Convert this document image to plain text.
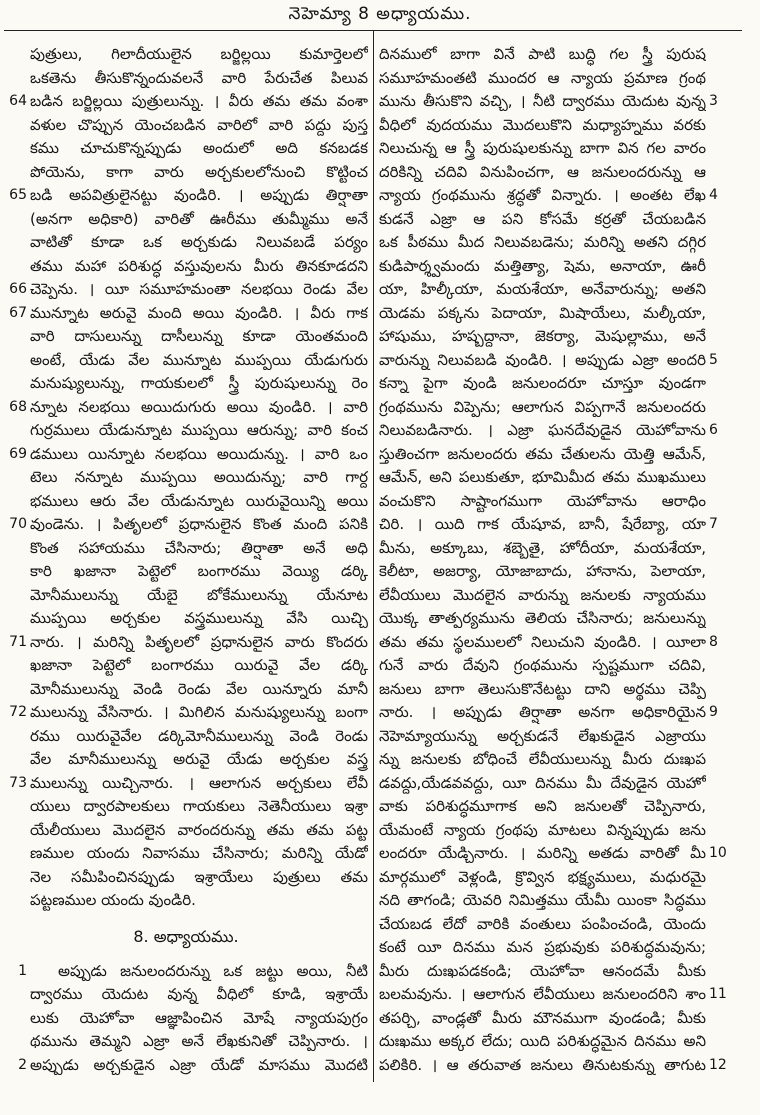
నెహెమ్యా 8 అధ్యాయము.
పుత్రులు, గిలాదీయులైన బర్జిల్లయి కుమార్తెలలో
ఒకతెను తీసుకొన్నందువలనే వారి పేరుచేత పిలువ
64 బడిన బర్జిల్లయి పుత్రులున్ను. । వీరు తమ తమ వంశా
వళుల చొప్పున యెంచబడిన వారిలో వారి పద్దు పుస్త
కము చూచుకొన్నప్పుడు అందులో అది కనబడక
పోయెను, కాగా వారు అర్చకులలోనుంచి కొట్టించ
65 బడి అపవిత్రులైనట్టు వుండిరి. । అప్పుడు తిర్షాతా
(అనగా అధికారి) వారితో ఊరీము తుమ్మీము అనే
వాటితో కూడా ఒక అర్చకుడు నిలువబడే పర్యం
తము మహా పరిశుద్ధ వస్తువులను మీరు తినకూడదని
66 చెప్పెను. । యీ సమూహమంతా నలభయి రెండు వేల
67 మున్నూట అరువై మంది అయి వుండిరి. । వీరు గాక
వారి దాసులున్ను దాసీలున్ను కూడా యెంతమంది
అంటే, యేడు వేల మున్నూట ముప్పయి యేడుగురు
మనుష్యులున్ను, గాయకులలో స్త్రీ పురుషులున్ను రెం
68 న్నూట నలభయి అయిదుగురు అయి వుండిరి. । వారి
గుర్రములు యేడున్నూట ముప్పయి ఆరున్ను; వారి కంచ
69 డములు యిన్నూట నలభయి అయిదున్ను. । వారి ఒం
టెలు నన్నూట ముప్పయి అయిదున్ను; వారి గార్ద
భములు ఆరు వేల యేడున్నూట యిరువైయిన్ని అయి
70 వుండెను. । పితృలలో ప్రధానులైన కొంత మంది పనికి
కొంత సహాయము చేసినారు; తిర్షాతా అనే అధి
కారి ఖజానా పెట్టెలో బంగారము వెయ్యి డర్కి
మోనీములున్ను యేబై బోకేములున్ను యేనూట
ముప్పయి అర్చకుల వస్త్రములున్ను వేసి యిచ్చి
71 నారు. । మరిన్ని పితృలలో ప్రధానులైన వారు కొందరు
ఖజానా పెట్టెలో బంగారము యిరువై వేల డర్కి
మోనీములున్ను వెండి రెండు వేల యిన్నూరు మానీ
72 ములున్ను వేసినారు. । మిగిలిన మనుష్యులున్ను బంగా
రము యిరువైవేల డర్కిమోనీములున్ను వెండి రెండు
వేల మానీములున్ను అరువై యేడు అర్చకుల వస్త్ర
73 ములున్ను యిచ్చినారు. । ఆలాగున అర్చకులు లేవీ
యులు ద్వారపాలకులు గాయకులు నెతెనీయులు ఇశ్రా
యేలీయులు మొదలైన వారందరున్ను తమ తమ పట్ట
ణముల యందు నివాసము చేసినారు; మరిన్ని యేడో
నెల సమీపించినప్పుడు ఇశ్రాయేలు పుత్రులు తమ
పట్టణముల యందు వుండిరి.
8. అధ్యాయము.
1	అప్పుడు జనులందరున్ను ఒక జట్టు అయి, నీటి
ద్వారము యెదుట వున్న వీధిలో కూడి, ఇశ్రాయే
లుకు యెహోవా ఆజ్ఞాపించిన మోషే న్యాయపుగ్రం
థమును తెమ్మని ఎజ్రా అనే లేఖకునితో చెప్పినారు. ।
2 అప్పుడు అర్చకుడైన ఎజ్రా యేడో మాసము మొదటి
దినములో బాగా వినే పాటి బుద్ధి గల స్త్రీ పురుష
సమూహమంతటి ముందర ఆ న్యాయ ప్రమాణ గ్రంథ
మును తీసుకొని వచ్చి, । నీటి ద్వారము యెదుట వున్న 3
వీధిలో వుదయము మొదలుకొని మధ్యాహ్నము వరకు
నిలుచున్న ఆ స్త్రీ పురుషులకున్ను బాగా విన గల వారం
దరికిన్ని చదివి వినుపించగా, ఆ జనులందరున్ను ఆ
న్యాయ గ్రంథమును శ్రద్ధతో విన్నారు. । అంతట లేఖ 4
కుడనే ఎజ్రా ఆ పని కోసమే కర్రతో చేయబడిన
ఒక పీఠము మీద నిలువబడెను; మరిన్ని అతని దగ్గిర
కుడిపార్శ్వమందు మత్తిత్యా, షెమ, అనాయా, ఊరీ
యా, హిల్కీయా, మయశేయా, అనేవారున్ను; అతని
యెడమ పక్కను పెదాయా, మిషాయేలు, మల్కీయా,
హాషుము, హష్బద్దానా, జెకర్యా, మెషుల్లాము, అనే
వారున్ను నిలువబడి వుండిరి. । అప్పుడు ఎజ్రా అందరి 5
కన్నా పైగా వుండి జనులందరూ చూస్తూ వుండగా
గ్రంథమును విప్పెను; ఆలాగున విప్పగానే జనులందరు
నిలువబడినారు. । ఎజ్రా ఘనదేవుడైన యెహోవాను 6
స్తుతించగా జనులందరు తమ చేతులను యెత్తి ఆమేన్,
ఆమేన్, అని పలుకుతూ, భూమిమీద తమ ముఖములు
వంచుకొని సాష్టాంగముగా యెహోవాను ఆరాధిం
చిరి. । యిది గాక యేషూవ, బానీ, షేరేబ్యా, యా 7
మీను, అక్కూబు, శబ్బెతై, హోదీయా, మయశేయా,
కెలీటా, అజర్యా, యోజాబాదు, హానాను, పెలాయా,
లేవీయులు మొదలైన వారున్ను జనులకు న్యాయము
యొక్క తాత్పర్యమును తెలియ చేసినారు; జనులున్ను
తమ తమ స్థలములలో నిలుచుని వుండిరి. । యీలా 8
గునే వారు దేవుని గ్రంథమును స్పష్టముగా చదివి,
జనులు బాగా తెలుసుకొనేటట్టు దాని అర్థము చెప్పి
నారు. । అప్పుడు తిర్షాతా అనగా అధికారియైన 9
నెహెమ్యాయున్ను అర్చకుడనే లేఖకుడైన ఎజ్రాయు
న్ను జనులకు బోధించే లేవీయులున్ను మీరు దుఃఖప
డవద్దు,యేడవవద్దు, యీ దినము మీ దేవుడైన యెహో
వాకు పరిశుద్ధమూగాక అని జనులతో చెప్పినారు,
యేమంటే న్యాయ గ్రంథపు మాటలు విన్నప్పుడు జను
లందరూ యేడ్చినారు. । మరిన్ని అతడు వారితో మీ 10
మార్గములో వెళ్లండి, క్రొవ్విన భక్ష్యములు, మధురమై
నది తాగండి; యెవరి నిమిత్తము యేమీ యింకా సిద్ధము
చేయబడ లేదో వారికి వంతులు పంపించండి, యెందు
కంటే యీ దినము మన ప్రభువుకు పరిశుద్ధమవును;
మీరు దుఃఖపడకండి; యెహోవా ఆనందమే మీకు
బలమవును. । ఆలాగున లేవీయులు జనులందరిని శాం 11
తపర్చి, వాండ్లతో మీరు మౌనముగా వుండండి; మీకు
దుఃఖము అక్కర లేదు; యిది పరిశుద్ధమైన దినము అని
పలికిరి. । ఆ తరువాత జనులు తినుటకున్ను తాగుట 12
